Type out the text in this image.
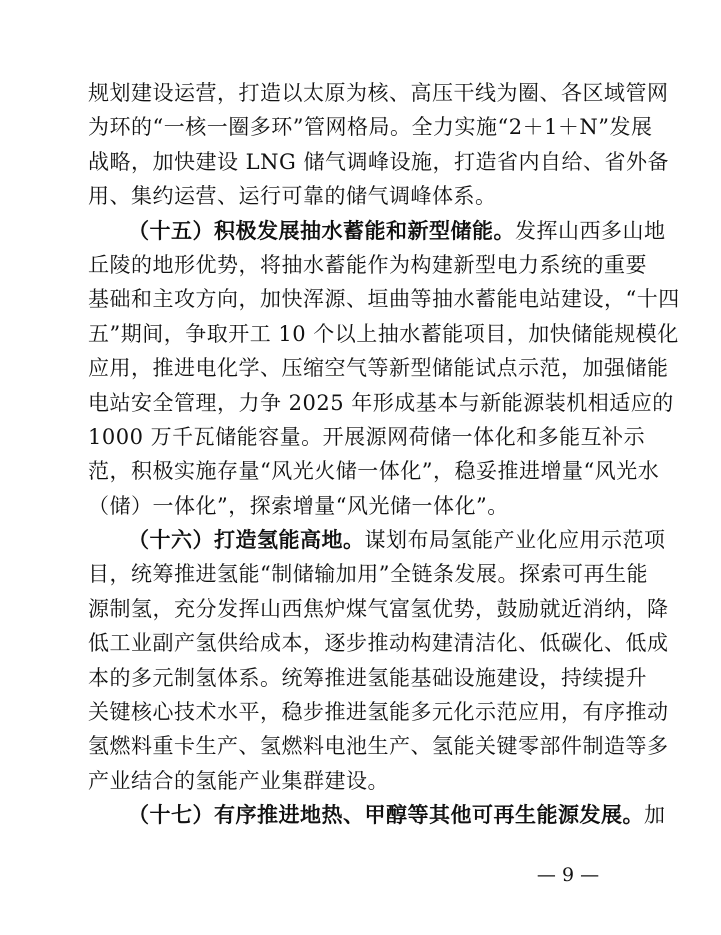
规划建设运营，打造以太原为核、高压干线为圈、各区域管网
为环的“一核一圈多环”管网格局。全力实施“2＋1＋N”发展
战略，加快建设 LNG 储气调峰设施，打造省内自给、省外备
用、集约运营、运行可靠的储气调峰体系。
（十五）积极发展抽水蓄能和新型储能。发挥山西多山地
丘陵的地形优势，将抽水蓄能作为构建新型电力系统的重要
基础和主攻方向，加快浑源、垣曲等抽水蓄能电站建设，“十四
五”期间，争取开工 10 个以上抽水蓄能项目，加快储能规模化
应用，推进电化学、压缩空气等新型储能试点示范，加强储能
电站安全管理，力争 2025 年形成基本与新能源装机相适应的
1000 万千瓦储能容量。开展源网荷储一体化和多能互补示
范，积极实施存量“风光火储一体化”，稳妥推进增量“风光水
（储）一体化”，探索增量“风光储一体化”。
（十六）打造氢能高地。谋划布局氢能产业化应用示范项
目，统筹推进氢能“制储输加用”全链条发展。探索可再生能
源制氢，充分发挥山西焦炉煤气富氢优势，鼓励就近消纳，降
低工业副产氢供给成本，逐步推动构建清洁化、低碳化、低成
本的多元制氢体系。统筹推进氢能基础设施建设，持续提升
关键核心技术水平，稳步推进氢能多元化示范应用，有序推动
氢燃料重卡生产、氢燃料电池生产、氢能关键零部件制造等多
产业结合的氢能产业集群建设。
（十七）有序推进地热、甲醇等其他可再生能源发展。加
— 9 —
